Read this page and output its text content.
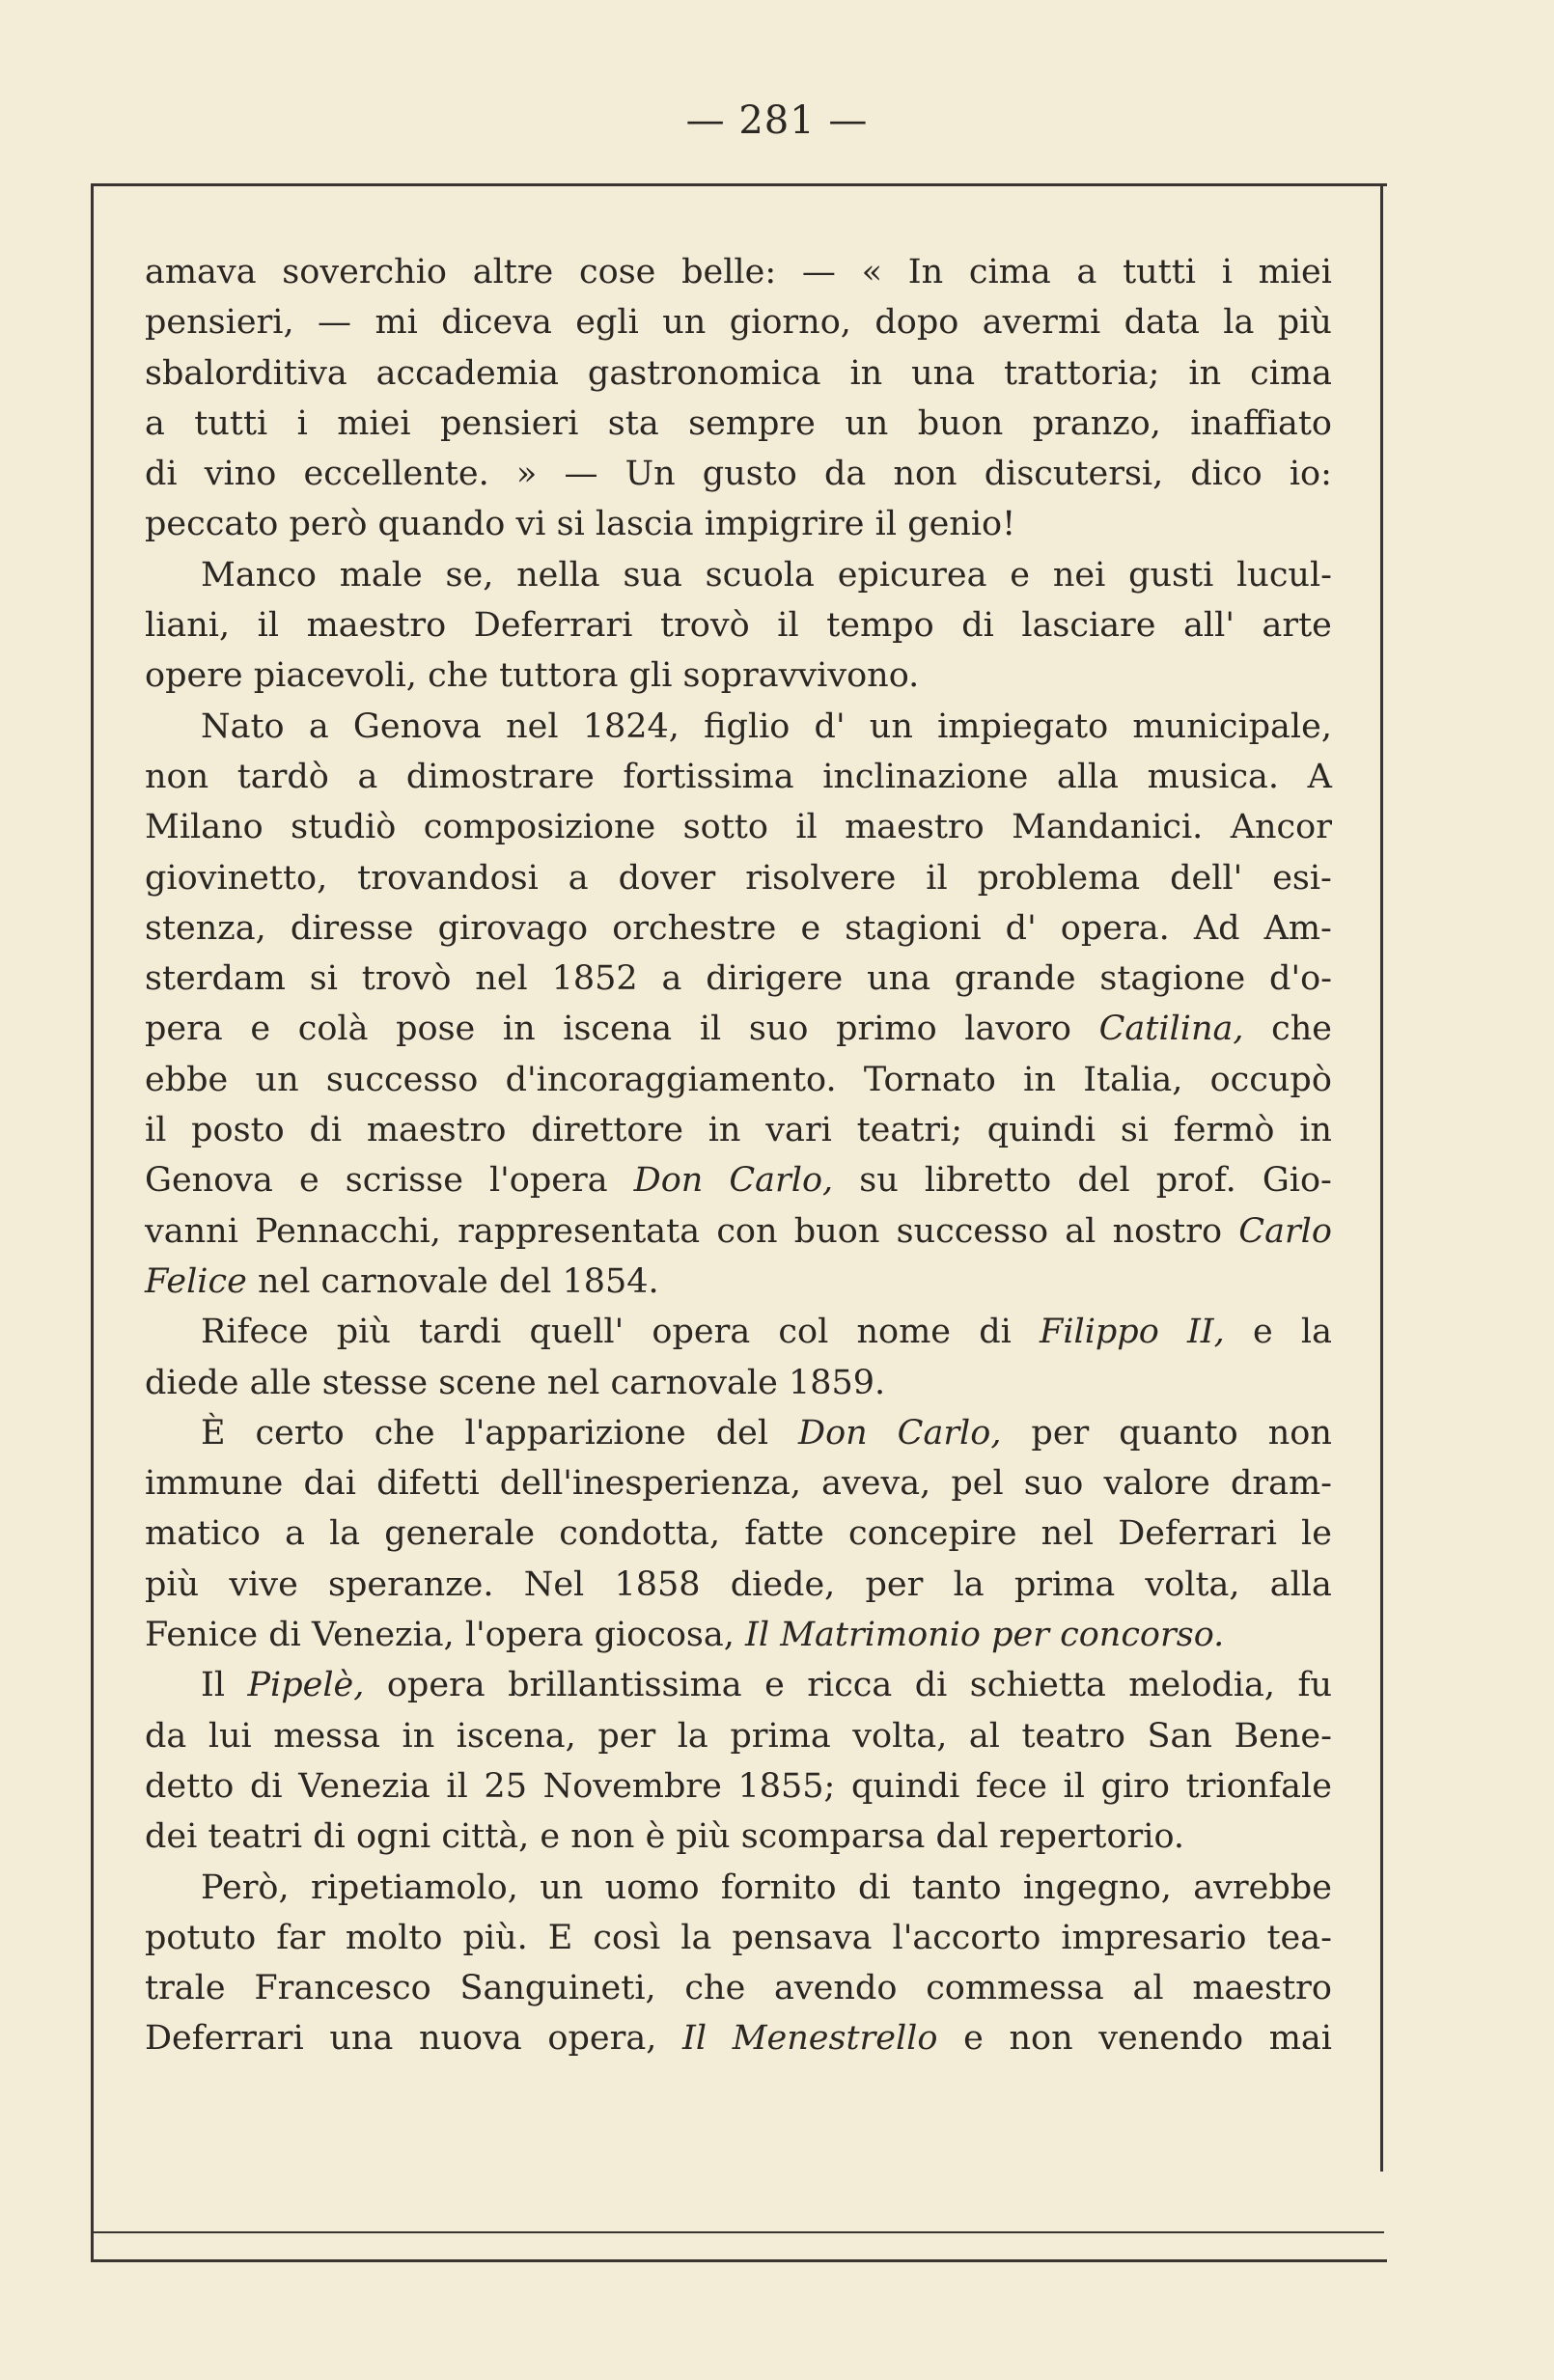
— 281 —
amava soverchio altre cose belle: — « In cima a tutti i miei
pensieri, — mi diceva egli un giorno, dopo avermi data la più
sbalorditiva accademia gastronomica in una trattoria; in cima
a tutti i miei pensieri sta sempre un buon pranzo, inaffiato
di vino eccellente. » — Un gusto da non discutersi, dico io:
peccato
però
quando
vi
si
lascia
impigrire
il
genio!
Manco male se, nella sua scuola epicurea e nei gusti lucul-
liani, il maestro Deferrari trovò il tempo di lasciare all' arte
opere
piacevoli,
che
tuttora
gli
sopravvivono.
Nato a Genova nel 1824, figlio d' un impiegato municipale,
non tardò a dimostrare fortissima inclinazione alla musica. A
Milano studiò composizione sotto il maestro Mandanici. Ancor
giovinetto, trovandosi a dover risolvere il problema dell' esi-
stenza, diresse girovago orchestre e stagioni d' opera. Ad Am-
sterdam si trovò nel 1852 a dirigere una grande stagione d'o-
pera e colà pose in iscena il suo primo lavoro Catilina, che
ebbe un successo d'incoraggiamento. Tornato in Italia, occupò
il posto di maestro direttore in vari teatri; quindi si fermò in
Genova e scrisse l'opera Don Carlo, su libretto del prof. Gio-
vanni Pennacchi, rappresentata con buon successo al nostro Carlo
Felice
nel
carnovale
del
1854.
Rifece più tardi quell' opera col nome di Filippo II, e la
diede
alle
stesse
scene
nel
carnovale
1859.
È certo che l'apparizione del Don Carlo, per quanto non
immune dai difetti dell'inesperienza, aveva, pel suo valore dram-
matico a la generale condotta, fatte concepire nel Deferrari le
più vive speranze. Nel 1858 diede, per la prima volta, alla
Fenice
di
Venezia,
l'opera
giocosa,
Il
Matrimonio
per
concorso.
Il Pipelè, opera brillantissima e ricca di schietta melodia, fu
da lui messa in iscena, per la prima volta, al teatro San Bene-
detto di Venezia il 25 Novembre 1855; quindi fece il giro trionfale
dei
teatri
di
ogni
città,
e
non
è
più
scomparsa
dal
repertorio.
Però, ripetiamolo, un uomo fornito di tanto ingegno, avrebbe
potuto far molto più. E così la pensava l'accorto impresario tea-
trale Francesco Sanguineti, che avendo commessa al maestro
Deferrari una nuova opera, Il Menestrello e non venendo mai
